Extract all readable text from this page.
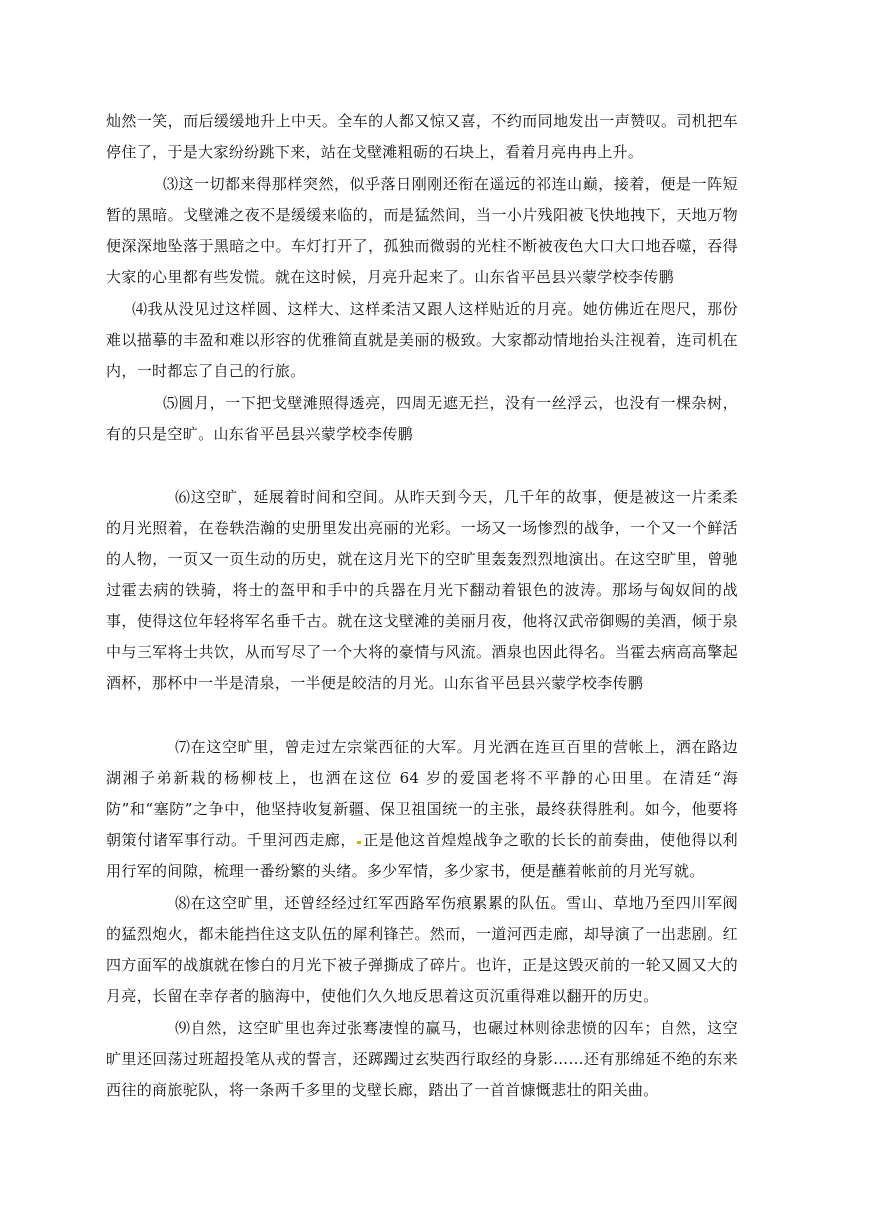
灿然一笑，而后缓缓地升上中天。全车的人都又惊又喜，不约而同地发出一声赞叹。司机把车停住了，于是大家纷纷跳下来，站在戈壁滩粗砺的石块上，看着月亮冉冉上升。

⑶这一切都来得那样突然，似乎落日刚刚还衔在遥远的祁连山巅，接着，便是一阵短暂的黑暗。戈壁滩之夜不是缓缓来临的，而是猛然间，当一小片残阳被飞快地拽下，天地万物便深深地坠落于黑暗之中。车灯打开了，孤独而微弱的光柱不断被夜色大口大口地吞噬，吞得大家的心里都有些发慌。就在这时候，月亮升起来了。山东省平邑县兴蒙学校李传鹏

⑷我从没见过这样圆、这样大、这样柔洁又跟人这样贴近的月亮。她仿佛近在咫尺，那份难以描摹的丰盈和难以形容的优雅简直就是美丽的极致。大家都动情地抬头注视着，连司机在内，一时都忘了自己的行旅。

⑸圆月，一下把戈壁滩照得透亮，四周无遮无拦，没有一丝浮云，也没有一棵杂树，有的只是空旷。山东省平邑县兴蒙学校李传鹏

⑹这空旷，延展着时间和空间。从昨天到今天，几千年的故事，便是被这一片柔柔的月光照着，在卷轶浩瀚的史册里发出亮丽的光彩。一场又一场惨烈的战争，一个又一个鲜活的人物，一页又一页生动的历史，就在这月光下的空旷里轰轰烈烈地演出。在这空旷里，曾驰过霍去病的铁骑，将士的盔甲和手中的兵器在月光下翻动着银色的波涛。那场与匈奴间的战事，使得这位年轻将军名垂千古。就在这戈壁滩的美丽月夜，他将汉武帝御赐的美酒，倾于泉中与三军将士共饮，从而写尽了一个大将的豪情与风流。酒泉也因此得名。当霍去病高高擎起酒杯，那杯中一半是清泉，一半便是皎洁的月光。山东省平邑县兴蒙学校李传鹏

⑺在这空旷里，曾走过左宗棠西征的大军。月光洒在连亘百里的营帐上，洒在路边湖湘子弟新栽的杨柳枝上，也洒在这位 64 岁的爱国老将不平静的心田里。在清廷“海防”和“塞防”之争中，他坚持收复新疆、保卫祖国统一的主张，最终获得胜利。如今，他要将朝策付诸军事行动。千里河西走廊， 正是他这首煌煌战争之歌的长长的前奏曲，使他得以利用行军的间隙，梳理一番纷繁的头绪。多少军情，多少家书，便是蘸着帐前的月光写就。

⑻在这空旷里，还曾经经过红军西路军伤痕累累的队伍。雪山、草地乃至四川军阀的猛烈炮火，都未能挡住这支队伍的犀利锋芒。然而，一道河西走廊，却导演了一出悲剧。红四方面军的战旗就在惨白的月光下被子弹撕成了碎片。也许，正是这毁灭前的一轮又圆又大的月亮，长留在幸存者的脑海中，使他们久久地反思着这页沉重得难以翻开的历史。

⑼自然，这空旷里也奔过张骞凄惶的赢马，也碾过林则徐悲愤的囚车；自然，这空旷里还回荡过班超投笔从戎的誓言，还踯躅过玄奘西行取经的身影……还有那绵延不绝的东来西往的商旅驼队，将一条两千多里的戈壁长廊，踏出了一首首慷慨悲壮的阳关曲。
